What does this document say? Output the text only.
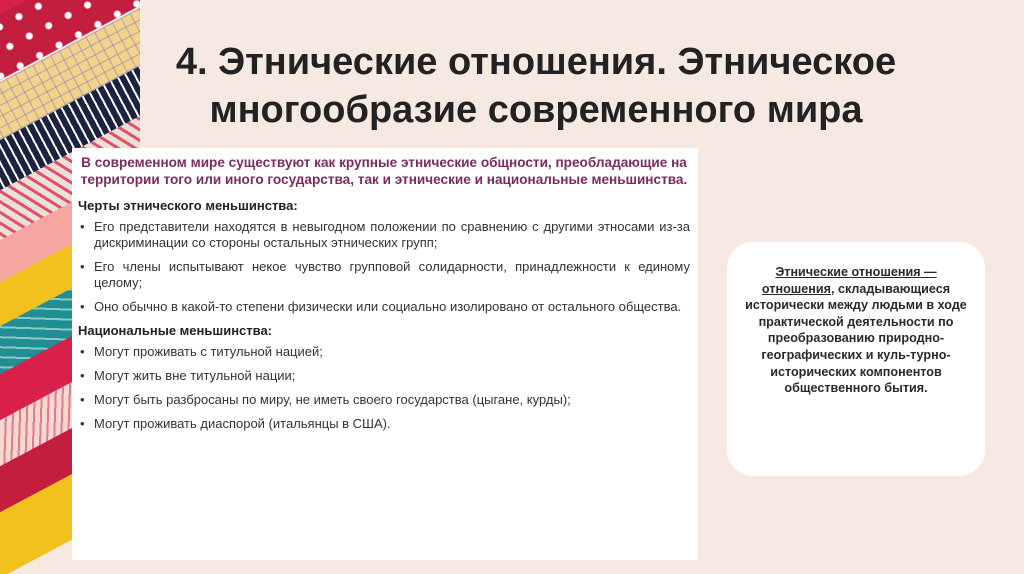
4. Этнические отношения. Этническое многообразие современного мира

В современном мире существуют как крупные этнические общности, преобладающие на территории того или иного государства, так и этнические и национальные меньшинства.

Черты этнического меньшинства:
• Его представители находятся в невыгодном положении по сравнению с другими этносами из-за дискриминации со стороны остальных этнических групп;
• Его члены испытывают некое чувство групповой солидарности, принадлежности к единому целому;
• Оно обычно в какой-то степени физически или социально изолировано от остального общества.
Национальные меньшинства:
• Могут проживать с титульной нацией;
• Могут жить вне титульной нации;
• Могут быть разбросаны по миру, не иметь своего государства (цыгане, курды);
• Могут проживать диаспорой (итальянцы в США).
Этнические отношения — отношения, складывающиеся исторически между людьми в ходе практической деятельности по преобразованию природно-географических и куль-турно-исторических компонентов общественного бытия.
